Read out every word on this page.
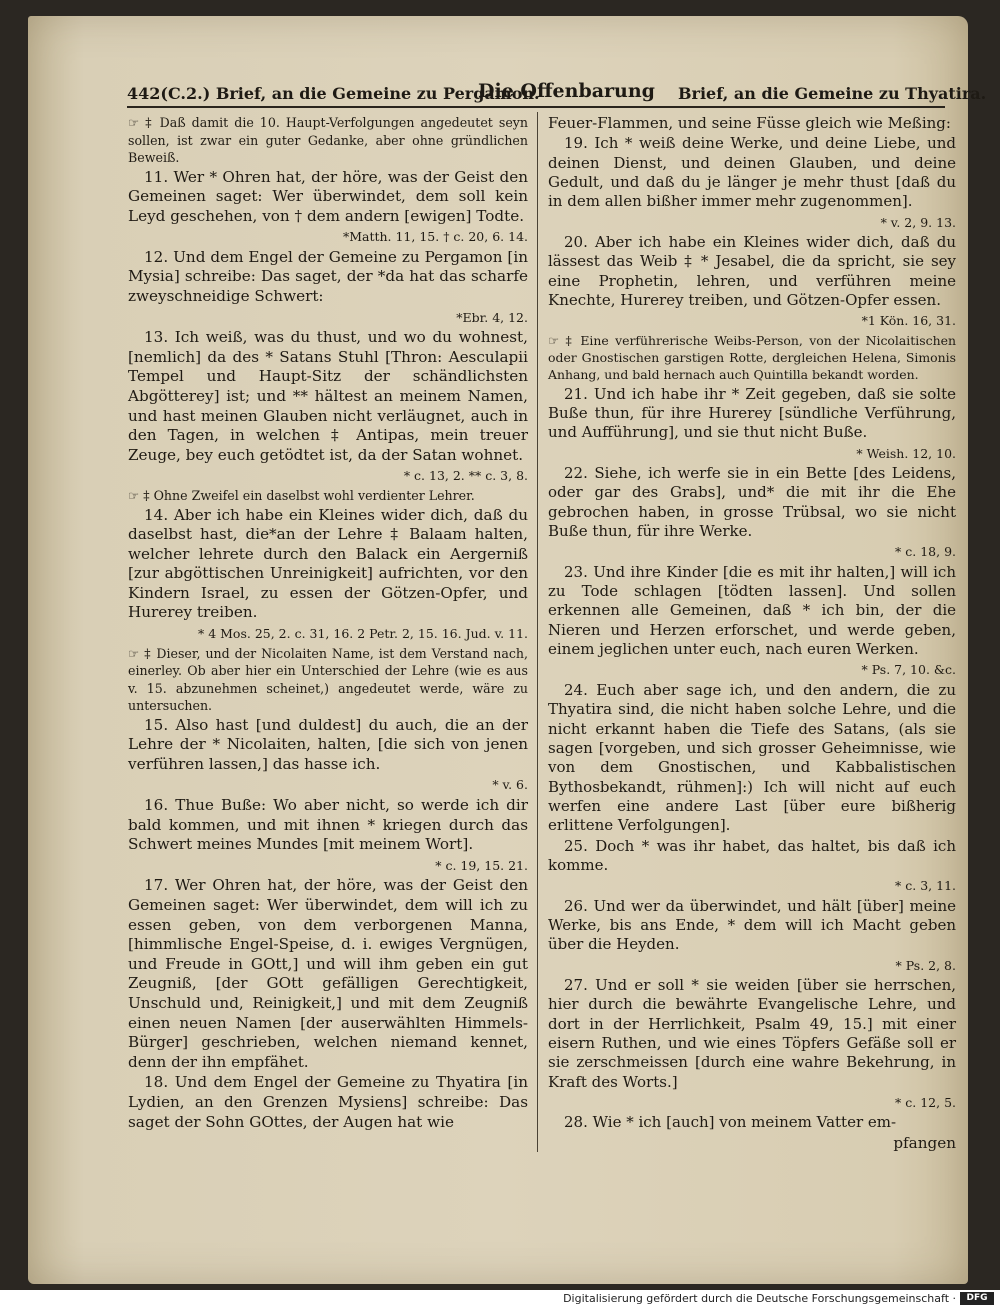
442(C.2.) Brief, an die Gemeine zu Pergamon.
Die Offenbarung Brief, an die Gemeine zu Thyatira.

☞ ‡ Daß damit die 10. Haupt-Verfolgungen angedeutet seyn sollen, ist zwar ein guter Gedanke, aber ohne gründlichen Beweiß.

11. Wer * Ohren hat, der höre, was der Geist den Gemeinen saget: Wer überwindet, dem soll kein Leyd geschehen, von † dem andern [ewigen] Todte.

*Matth. 11, 15. † c. 20, 6. 14.

12. Und dem Engel der Gemeine zu Pergamon [in Mysia] schreibe: Das saget, der *da hat das scharfe zweyschneidige Schwert:

*Ebr. 4, 12.

13. Ich weiß, was du thust, und wo du wohnest, [nemlich] da des * Satans Stuhl [Thron: Aesculapii Tempel und Haupt-Sitz der schändlichsten Abgötterey] ist; und ** hältest an meinem Namen, und hast meinen Glauben nicht verläugnet, auch in den Tagen, in welchen ‡ Antipas, mein treuer Zeuge, bey euch getödtet ist, da der Satan wohnet.

* c. 13, 2. ** c. 3, 8.

☞ ‡ Ohne Zweifel ein daselbst wohl verdienter Lehrer.

14. Aber ich habe ein Kleines wider dich, daß du daselbst hast, die*an der Lehre ‡ Balaam halten, welcher lehrete durch den Balack ein Aergerniß [zur abgöttischen Unreinigkeit] aufrichten, vor den Kindern Israel, zu essen der Götzen-Opfer, und Hurerey treiben.

* 4 Mos. 25, 2. c. 31, 16. 2 Petr. 2, 15. 16. Jud. v. 11.

☞ ‡ Dieser, und der Nicolaiten Name, ist dem Verstand nach, einerley. Ob aber hier ein Unterschied der Lehre (wie es aus v. 15. abzunehmen scheinet,) angedeutet werde, wäre zu untersuchen.

15. Also hast [und duldest] du auch, die an der Lehre der * Nicolaiten, halten, [die sich von jenen verführen lassen,] das hasse ich.

* v. 6.

16. Thue Buße: Wo aber nicht, so werde ich dir bald kommen, und mit ihnen * kriegen durch das Schwert meines Mundes [mit meinem Wort].

* c. 19, 15. 21.

17. Wer Ohren hat, der höre, was der Geist den Gemeinen saget: Wer überwindet, dem will ich zu essen geben, von dem verborgenen Manna, [himmlische Engel-Speise, d. i. ewiges Vergnügen, und Freude in GOtt,] und will ihm geben ein gut Zeugniß, [der GOtt gefälligen Gerechtigkeit, Unschuld und, Reinigkeit,] und mit dem Zeugniß einen neuen Namen [der auserwählten Himmels-Bürger] geschrieben, welchen niemand kennet, denn der ihn empfähet.

18. Und dem Engel der Gemeine zu Thyatira [in Lydien, an den Grenzen Mysiens] schreibe: Das saget der Sohn GOttes, der Augen hat wie

Feuer-Flammen, und seine Füsse gleich wie Meßing:

19. Ich * weiß deine Werke, und deine Liebe, und deinen Dienst, und deinen Glauben, und deine Gedult, und daß du je länger je mehr thust [daß du in dem allen bißher immer mehr zugenommen].

* v. 2, 9. 13.

20. Aber ich habe ein Kleines wider dich, daß du lässest das Weib ‡ * Jesabel, die da spricht, sie sey eine Prophetin, lehren, und verführen meine Knechte, Hurerey treiben, und Götzen-Opfer essen.

*1 Kön. 16, 31.

☞ ‡ Eine verführerische Weibs-Person, von der Nicolaitischen oder Gnostischen garstigen Rotte, dergleichen Helena, Simonis Anhang, und bald hernach auch Quintilla bekandt worden.

21. Und ich habe ihr * Zeit gegeben, daß sie solte Buße thun, für ihre Hurerey [sündliche Verführung, und Aufführung], und sie thut nicht Buße.

* Weish. 12, 10.

22. Siehe, ich werfe sie in ein Bette [des Leidens, oder gar des Grabs], und* die mit ihr die Ehe gebrochen haben, in grosse Trübsal, wo sie nicht Buße thun, für ihre Werke.

* c. 18, 9.

23. Und ihre Kinder [die es mit ihr halten,] will ich zu Tode schlagen [tödten lassen]. Und sollen erkennen alle Gemeinen, daß * ich bin, der die Nieren und Herzen erforschet, und werde geben, einem jeglichen unter euch, nach euren Werken.

* Ps. 7, 10. &c.

24. Euch aber sage ich, und den andern, die zu Thyatira sind, die nicht haben solche Lehre, und die nicht erkannt haben die Tiefe des Satans, (als sie sagen [vorgeben, und sich grosser Geheimnisse, wie von dem Gnostischen, und Kabbalistischen Bythosbekandt, rühmen]:) Ich will nicht auf euch werfen eine andere Last [über eure bißherig erlittene Verfolgungen].

25. Doch * was ihr habet, das haltet, bis daß ich komme.

* c. 3, 11.

26. Und wer da überwindet, und hält [über] meine Werke, bis ans Ende, * dem will ich Macht geben über die Heyden.

* Ps. 2, 8.

27. Und er soll * sie weiden [über sie herrschen, hier durch die bewährte Evangelische Lehre, und dort in der Herrlichkeit, Psalm 49, 15.] mit einer eisern Ruthen, und wie eines Töpfers Gefäße soll er sie zerschmeissen [durch eine wahre Bekehrung, in Kraft des Worts.]

* c. 12, 5.

28. Wie * ich [auch] von meinem Vatter em-

pfangen

Digitalisierung gefördert durch die Deutsche Forschungsgemeinschaft ·	DFG
